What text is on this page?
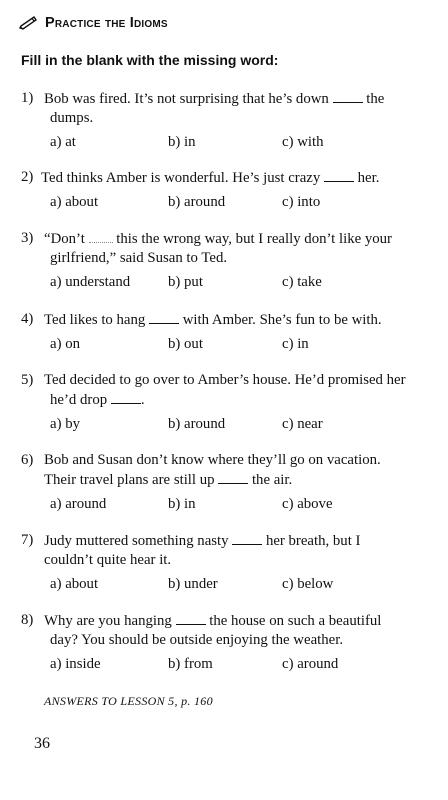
Practice the Idioms
Fill in the blank with the missing word:
1) Bob was fired. It’s not surprising that he’s down	the
dumps.
a) at	b) in	c) with
2) Ted thinks Amber is wonderful. He’s just crazy	her.
a) about	b) around	c) into
3) “Don’t this the wrong way, but I really don’t like your
girlfriend,” said Susan to Ted.
a) understand	b) put	c) take
4) Ted likes to hang	with Amber. She’s fun to be with.
a) on	b) out	c) in
5) Ted decided to go over to Amber’s house. He’d promised her
he’d drop .
a) by	b) around	c) near
6) Bob and Susan don’t know where they’ll go on vacation.
Their travel plans are still up	the air.
a) around	b) in	c) above
7) Judy muttered something nasty	her breath, but I
couldn’t quite hear it.
a) about	b) under	c) below
8) Why are you hanging	the house on such a beautiful
day? You should be outside enjoying the weather.
a) inside	b) from	c) around
ANSWERS TO LESSON 5, p. 160
36
